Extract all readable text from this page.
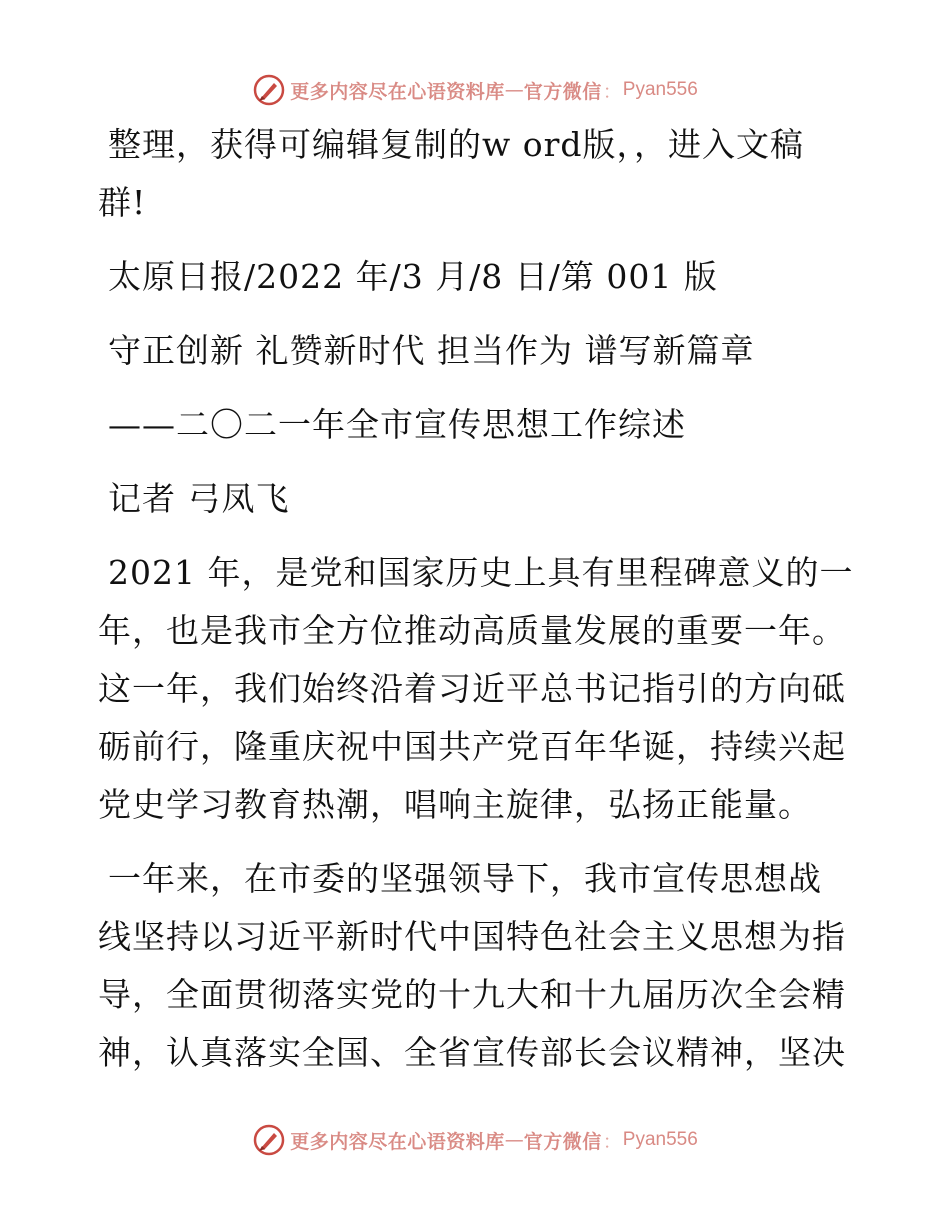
更多内容尽在心语资料库 — 官方微信 ： Pyan556
整理，获得可编辑复制的w ord版，，进入文稿
群!
太原日报/2022 年/3 月/8 日/第 001 版
守正创新 礼赞新时代 担当作为 谱写新篇章
——二〇二一年全市宣传思想工作综述
记者 弓凤飞
2021 年，是党和国家历史上具有里程碑意义的一
年，也是我市全方位推动高质量发展的重要一年。
这一年，我们始终沿着习近平总书记指引的方向砥
砺前行，隆重庆祝中国共产党百年华诞，持续兴起
党史学习教育热潮，唱响主旋律，弘扬正能量。
一年来，在市委的坚强领导下，我市宣传思想战
线坚持以习近平新时代中国特色社会主义思想为指
导，全面贯彻落实党的十九大和十九届历次全会精
神，认真落实全国、全省宣传部长会议精神，坚决
更多内容尽在心语资料库 — 官方微信 ： Pyan556
